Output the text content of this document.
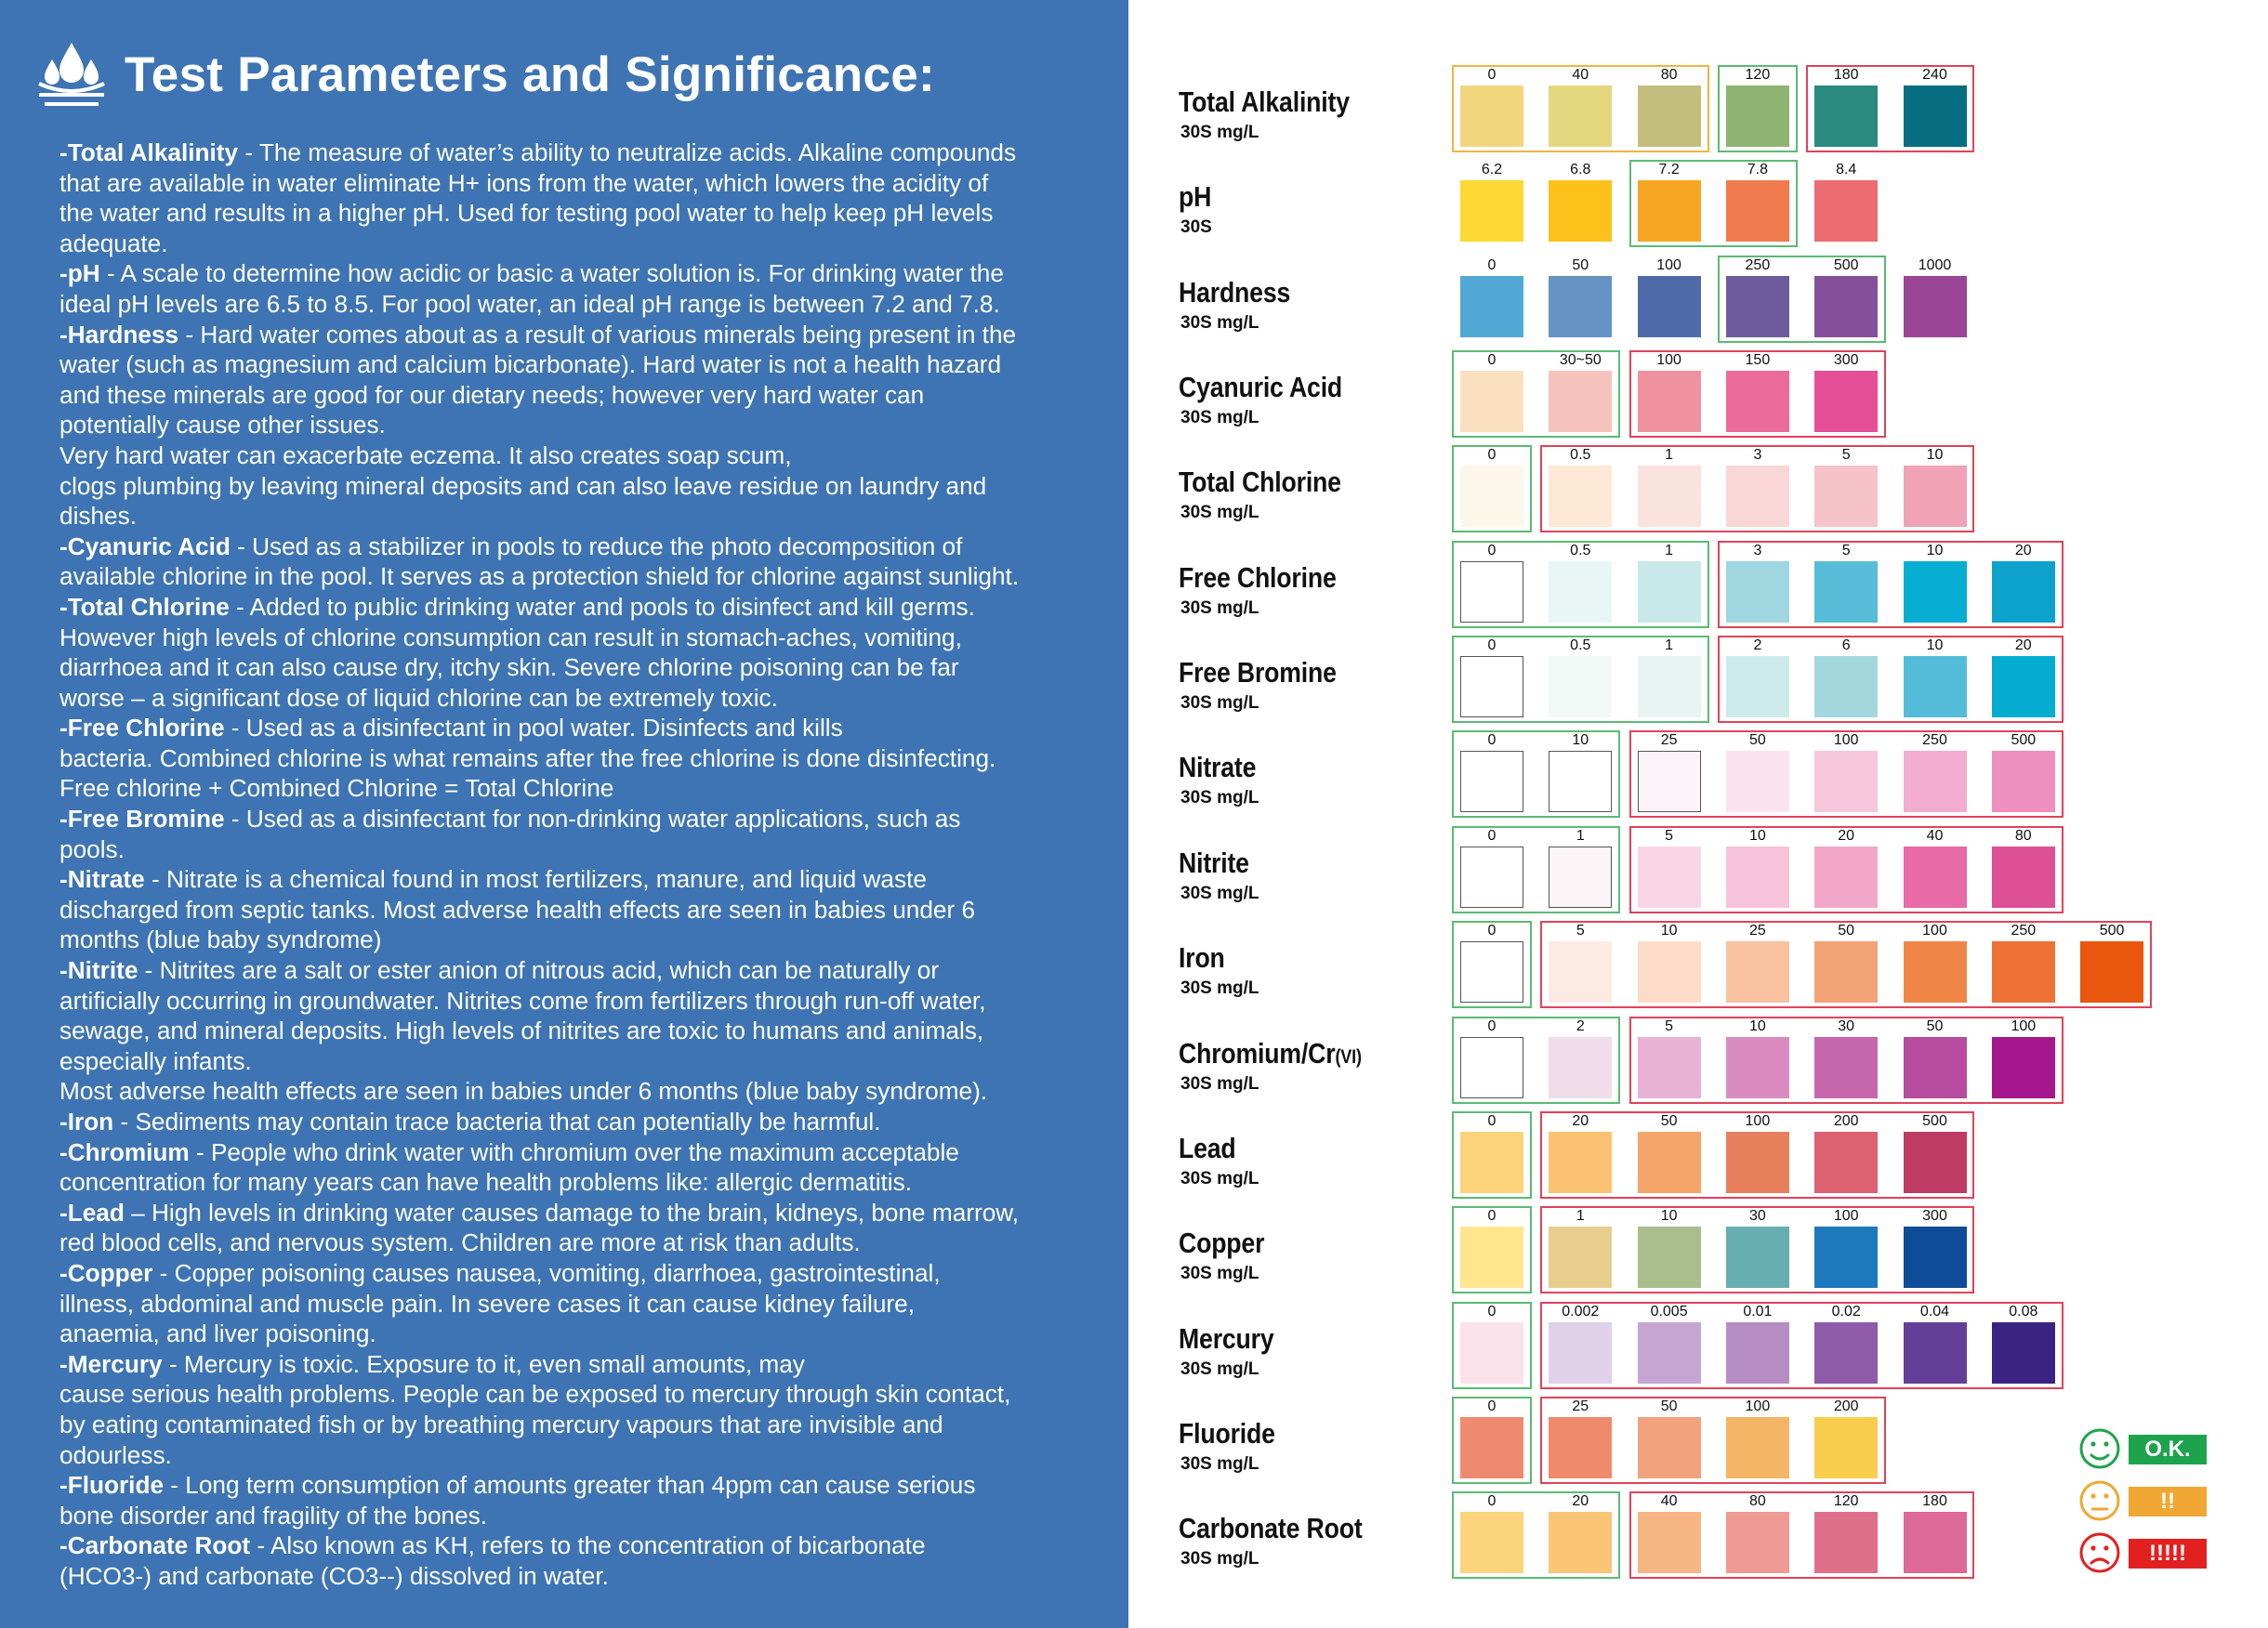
Test Parameters and Significance:
-Total Alkalinity - The measure of water’s ability to neutralize acids. Alkaline compounds
that are available in water eliminate H+ ions from the water, which lowers the acidity of
the water and results in a higher pH. Used for testing pool water to help keep pH levels
adequate.
-pH - A scale to determine how acidic or basic a water solution is. For drinking water the
ideal pH levels are 6.5 to 8.5. For pool water, an ideal pH range is between 7.2 and 7.8.
-Hardness - Hard water comes about as a result of various minerals being present in the
water (such as magnesium and calcium bicarbonate). Hard water is not a health hazard
and these minerals are good for our dietary needs; however very hard water can
potentially cause other issues.
Very hard water can exacerbate eczema. It also creates soap scum,
clogs plumbing by leaving mineral deposits and can also leave residue on laundry and
dishes.
-Cyanuric Acid - Used as a stabilizer in pools to reduce the photo decomposition of
available chlorine in the pool. It serves as a protection shield for chlorine against sunlight.
-Total Chlorine - Added to public drinking water and pools to disinfect and kill germs.
However high levels of chlorine consumption can result in stomach-aches, vomiting,
diarrhoea and it can also cause dry, itchy skin. Severe chlorine poisoning can be far
worse – a significant dose of liquid chlorine can be extremely toxic.
-Free Chlorine - Used as a disinfectant in pool water. Disinfects and kills
bacteria. Combined chlorine is what remains after the free chlorine is done disinfecting.
Free chlorine + Combined Chlorine = Total Chlorine
-Free Bromine - Used as a disinfectant for non-drinking water applications, such as
pools.
-Nitrate - Nitrate is a chemical found in most fertilizers, manure, and liquid waste
discharged from septic tanks. Most adverse health effects are seen in babies under 6
months (blue baby syndrome)
-Nitrite - Nitrites are a salt or ester anion of nitrous acid, which can be naturally or
artificially occurring in groundwater. Nitrites come from fertilizers through run-off water,
sewage, and mineral deposits. High levels of nitrites are toxic to humans and animals,
especially infants.
Most adverse health effects are seen in babies under 6 months (blue baby syndrome).
-Iron - Sediments may contain trace bacteria that can potentially be harmful.
-Chromium - People who drink water with chromium over the maximum acceptable
concentration for many years can have health problems like: allergic dermatitis.
-Lead – High levels in drinking water causes damage to the brain, kidneys, bone marrow,
red blood cells, and nervous system. Children are more at risk than adults.
-Copper - Copper poisoning causes nausea, vomiting, diarrhoea, gastrointestinal,
illness, abdominal and muscle pain. In severe cases it can cause kidney failure,
anaemia, and liver poisoning.
-Mercury - Mercury is toxic. Exposure to it, even small amounts, may
cause serious health problems. People can be exposed to mercury through skin contact,
by eating contaminated fish or by breathing mercury vapours that are invisible and
odourless.
-Fluoride - Long term consumption of amounts greater than 4ppm can cause serious
bone disorder and fragility of the bones.
-Carbonate Root - Also known as KH, refers to the concentration of bicarbonate
(HCO3-) and carbonate (CO3--) dissolved in water.
Total Alkalinity
30S mg/L
0	40	80	120	180	240
pH
30S
6.2	6.8	7.2	7.8	8.4
Hardness
30S mg/L
0	50	100	250	500	1000
Cyanuric Acid
30S mg/L
0	30~50	100	150	300
Total Chlorine
30S mg/L
0	0.5	1	3	5	10
Free Chlorine
30S mg/L
0	0.5	1	3	5	10	20
Free Bromine
30S mg/L
0	0.5	1	2	6	10	20
Nitrate
30S mg/L
0	10	25	50	100	250	500
Nitrite
30S mg/L
0	1	5	10	20	40	80
Iron
30S mg/L
0	5	10	25	50	100	250	500
Chromium/Cr(VI)
30S mg/L
0	2	5	10	30	50	100
Lead
30S mg/L
0	20	50	100	200	500
Copper
30S mg/L
0	1	10	30	100	300
Mercury
30S mg/L
0	0.002	0.005	0.01	0.02	0.04	0.08
Fluoride
30S mg/L
0	25	50	100	200
Carbonate Root
30S mg/L
0	20	40	80	120	180
O.K.
!!
!!!!!
